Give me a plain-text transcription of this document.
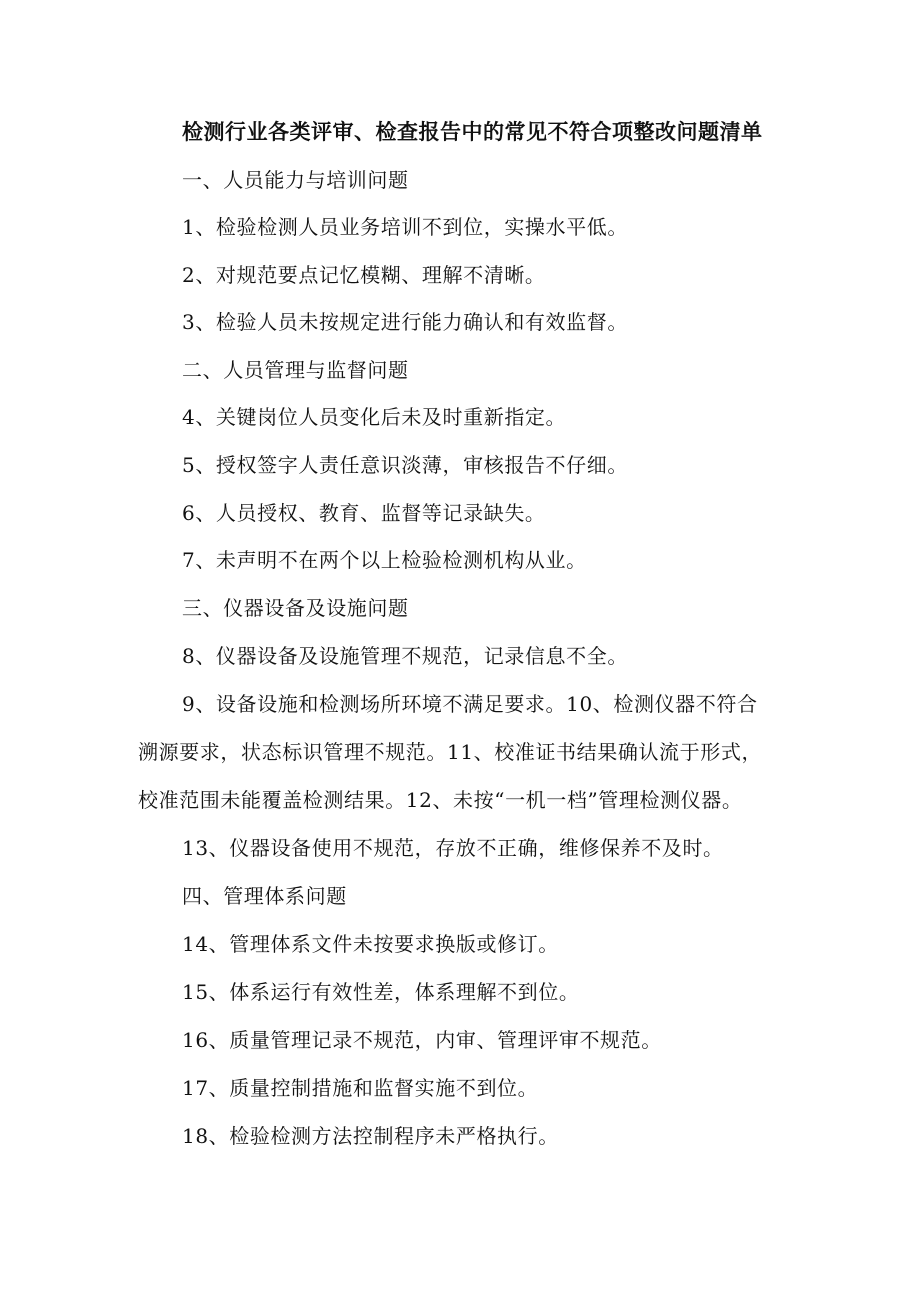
检测行业各类评审、检查报告中的常见不符合项整改问题清单
一、人员能力与培训问题
1、检验检测人员业务培训不到位，实操水平低。
2、对规范要点记忆模糊、理解不清晰。
3、检验人员未按规定进行能力确认和有效监督。
二、人员管理与监督问题
4、关键岗位人员变化后未及时重新指定。
5、授权签字人责任意识淡薄，审核报告不仔细。
6、人员授权、教育、监督等记录缺失。
7、未声明不在两个以上检验检测机构从业。
三、仪器设备及设施问题
8、仪器设备及设施管理不规范，记录信息不全。
9、设备设施和检测场所环境不满足要求。10、检测仪器不符合
溯源要求，状态标识管理不规范。11、校准证书结果确认流于形式，
校准范围未能覆盖检测结果。12、未按“一机一档”管理检测仪器。
13、仪器设备使用不规范，存放不正确，维修保养不及时。
四、管理体系问题
14、管理体系文件未按要求换版或修订。
15、体系运行有效性差，体系理解不到位。
16、质量管理记录不规范，内审、管理评审不规范。
17、质量控制措施和监督实施不到位。
18、检验检测方法控制程序未严格执行。
